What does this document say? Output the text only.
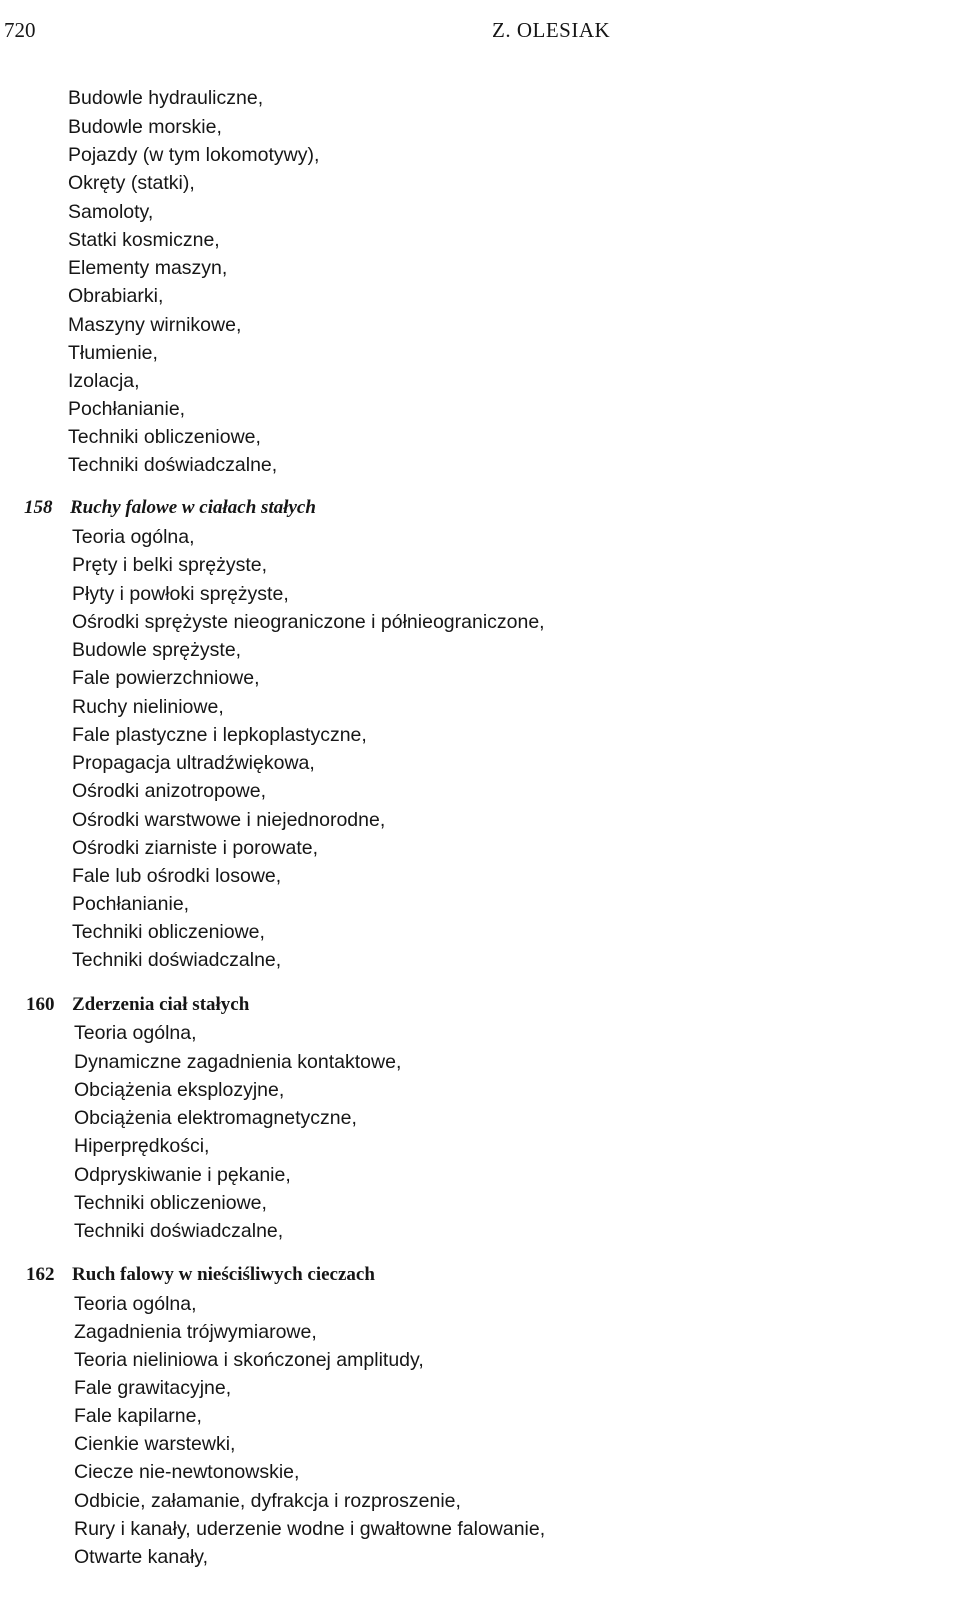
720	Z. OLESIAK
Budowle hydrauliczne,
Budowle morskie,
Pojazdy (w tym lokomotywy),
Okręty (statki),
Samoloty,
Statki kosmiczne,
Elementy maszyn,
Obrabiarki,
Maszyny wirnikowe,
Tłumienie,
Izolacja,
Pochłanianie,
Techniki obliczeniowe,
Techniki doświadczalne,
158 Ruchy falowe w ciałach stałych
Teoria ogólna,
Pręty i belki sprężyste,
Płyty i powłoki sprężyste,
Ośrodki sprężyste nieograniczone i półnieograniczone,
Budowle sprężyste,
Fale powierzchniowe,
Ruchy nieliniowe,
Fale plastyczne i lepkoplastyczne,
Propagacja ultradźwiękowa,
Ośrodki anizotropowe,
Ośrodki warstwowe i niejednorodne,
Ośrodki ziarniste i porowate,
Fale lub ośrodki losowe,
Pochłanianie,
Techniki obliczeniowe,
Techniki doświadczalne,
160 Zderzenia ciał stałych
Teoria ogólna,
Dynamiczne zagadnienia kontaktowe,
Obciążenia eksplozyjne,
Obciążenia elektromagnetyczne,
Hiperprędkości,
Odpryskiwanie i pękanie,
Techniki obliczeniowe,
Techniki doświadczalne,
162 Ruch falowy w nieściśliwych cieczach
Teoria ogólna,
Zagadnienia trójwymiarowe,
Teoria nieliniowa i skończonej amplitudy,
Fale grawitacyjne,
Fale kapilarne,
Cienkie warstewki,
Ciecze nie-newtonowskie,
Odbicie, załamanie, dyfrakcja i rozproszenie,
Rury i kanały, uderzenie wodne i gwałtowne falowanie,
Otwarte kanały,
